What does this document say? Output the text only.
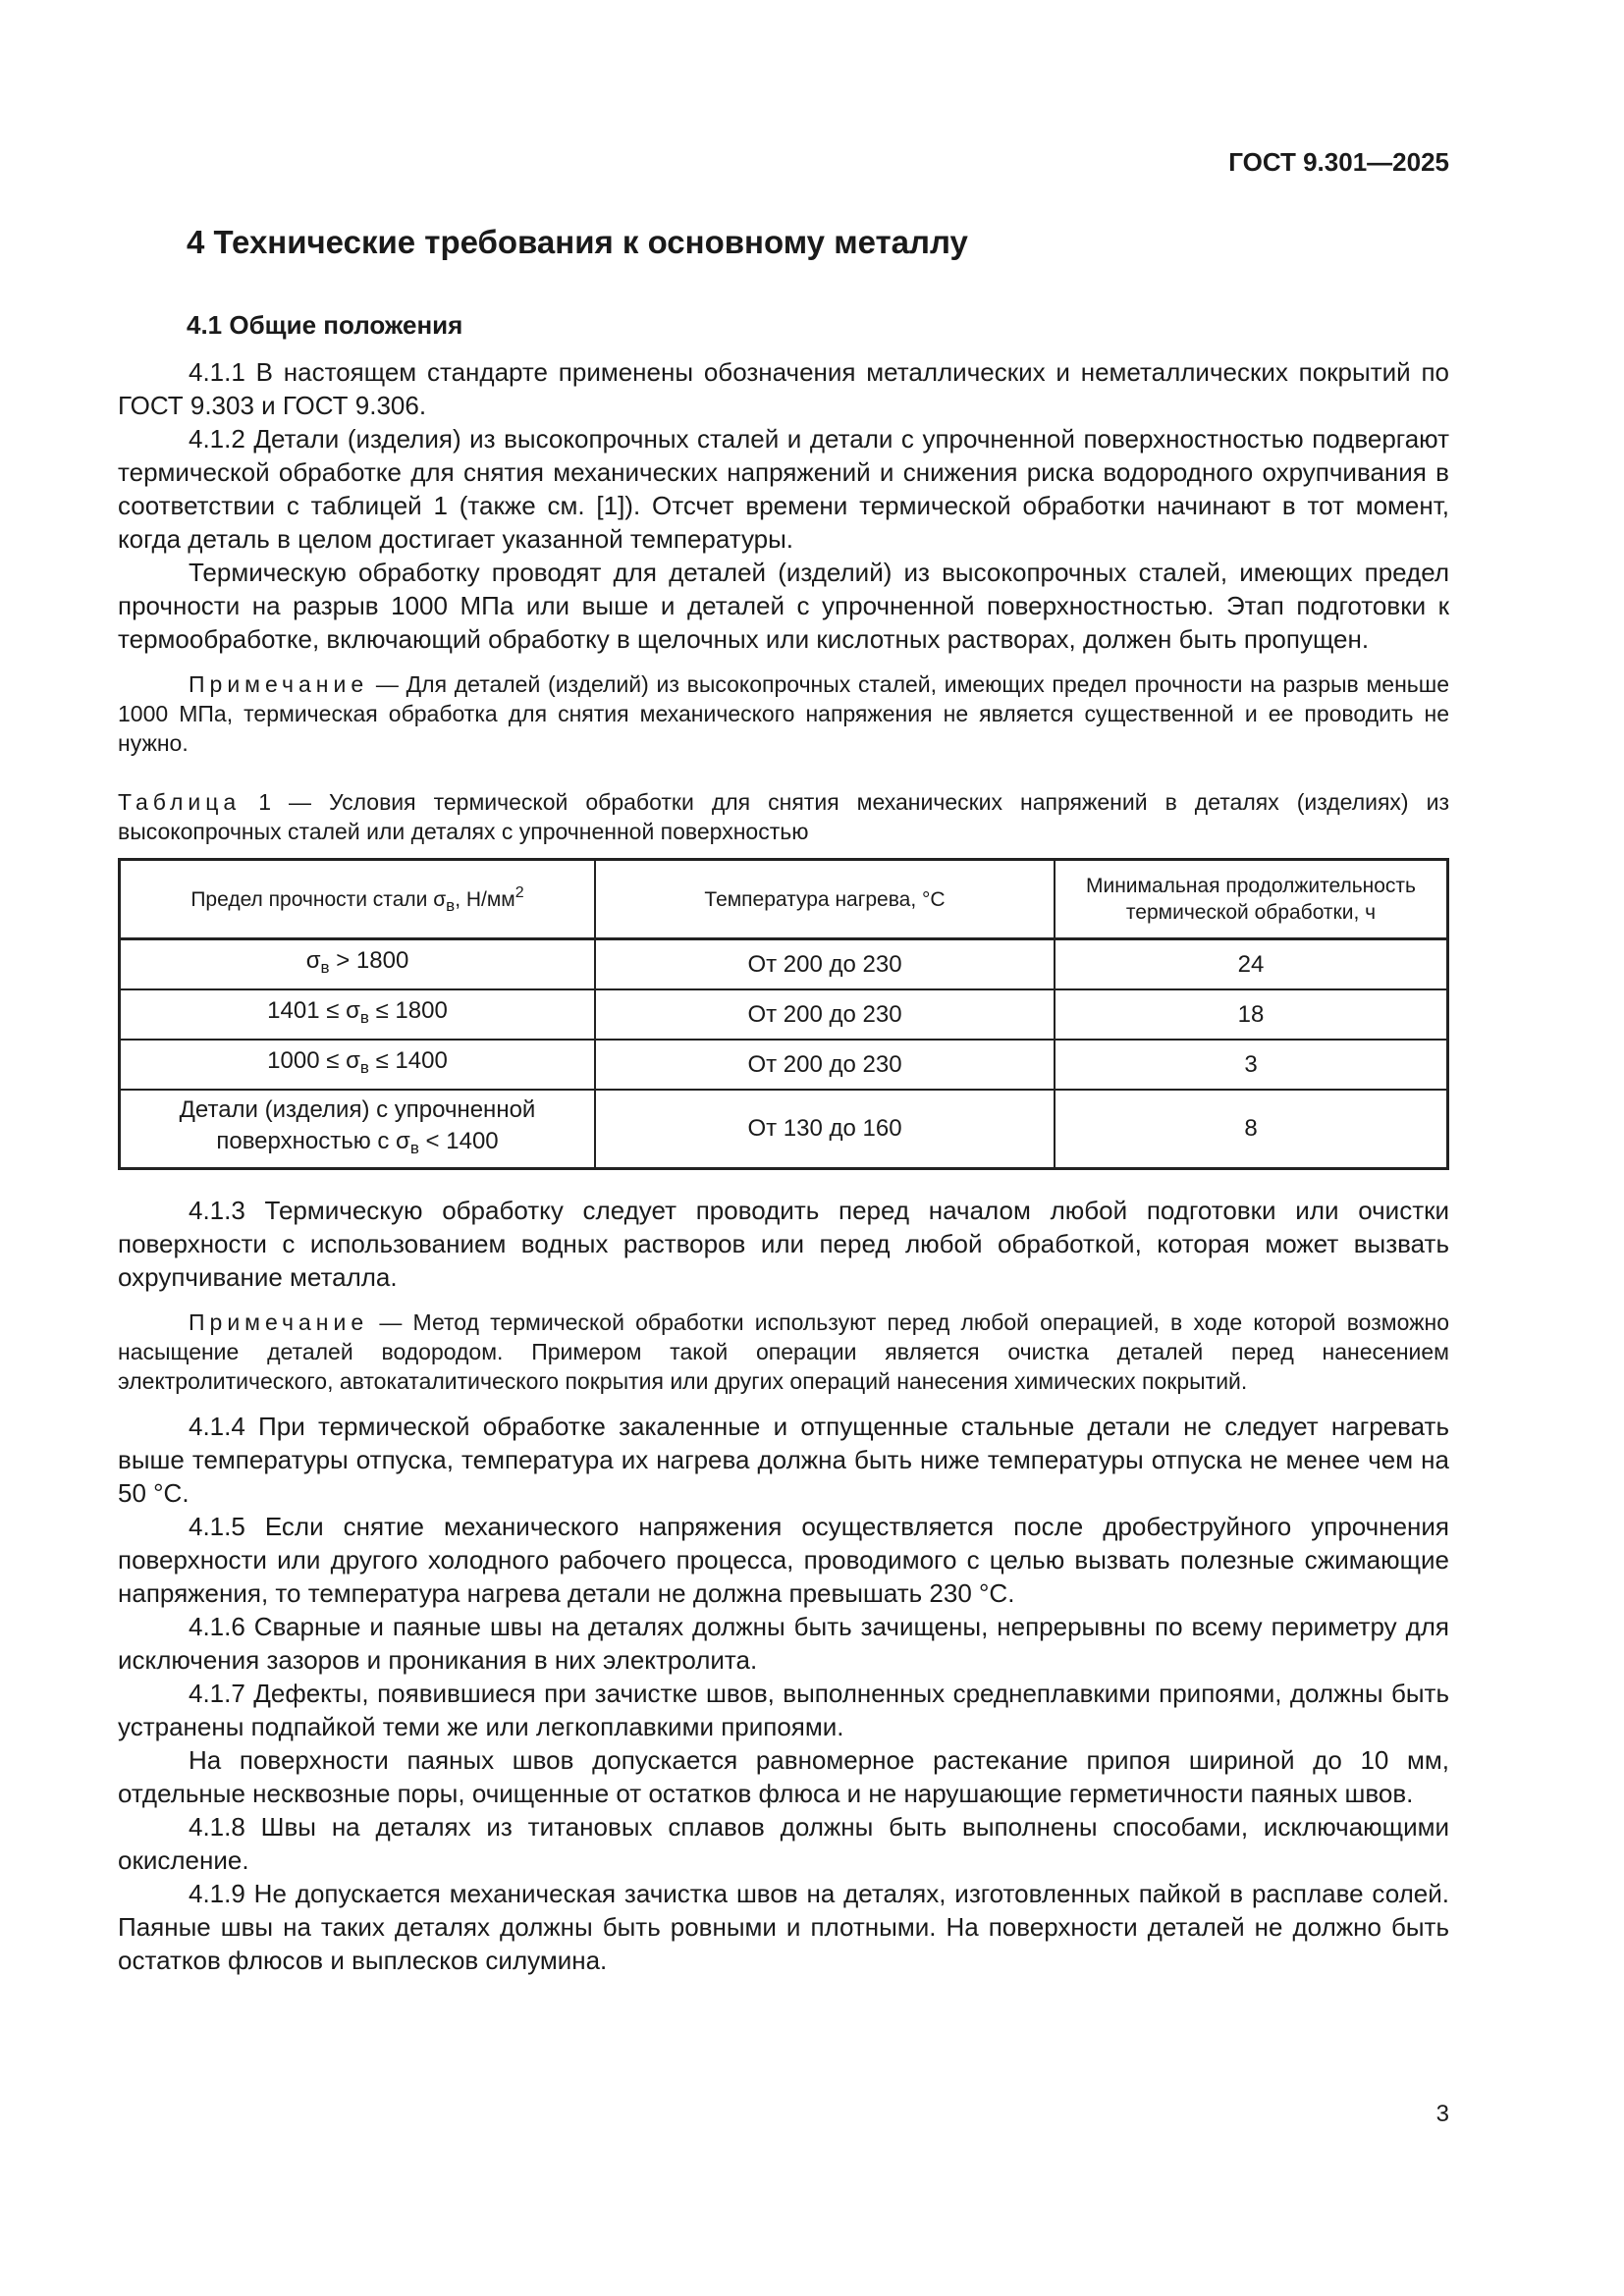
ГОСТ 9.301—2025

4 Технические требования к основному металлу
4.1 Общие положения

4.1.1 В настоящем стандарте применены обозначения металлических и неметаллических покрытий по ГОСТ 9.303 и ГОСТ 9.306.

4.1.2 Детали (изделия) из высокопрочных сталей и детали с упрочненной поверхностностью подвергают термической обработке для снятия механических напряжений и снижения риска водородного охрупчивания в соответствии с таблицей 1 (также см. [1]). Отсчет времени термической обработки начинают в тот момент, когда деталь в целом достигает указанной температуры.

Термическую обработку проводят для деталей (изделий) из высокопрочных сталей, имеющих предел прочности на разрыв 1000 МПа или выше и деталей с упрочненной поверхностностью. Этап подготовки к термообработке, включающий обработку в щелочных или кислотных растворах, должен быть пропущен.

Примечание — Для деталей (изделий) из высокопрочных сталей, имеющих предел прочности на разрыв меньше 1000 МПа, термическая обработка для снятия механического напряжения не является существенной и ее проводить не нужно.

Таблица 1 — Условия термической обработки для снятия механических напряжений в деталях (изделиях) из высокопрочных сталей или деталях с упрочненной поверхностью

Предел прочности стали $\sigma_в$, $Н/мм^2$	Температура нагрева, °С	Минимальная продолжительность термической обработки, ч
$\sigma_в > 1800$	От 200 до 230	24
$1401 \le \sigma_в \le 1800$	От 200 до 230	18
$1000 \le \sigma_в \le 1400$	От 200 до 230	3
Детали (изделия) с упрочненной
поверхностью с $\sigma_в < 1400$	От 130 до 160	8

4.1.3 Термическую обработку следует проводить перед началом любой подготовки или очистки поверхности с использованием водных растворов или перед любой обработкой, которая может вызвать охрупчивание металла.

Примечание — Метод термической обработки используют перед любой операцией, в ходе которой возможно насыщение деталей водородом. Примером такой операции является очистка деталей перед нанесением электролитического, автокаталитического покрытия или других операций нанесения химических покрытий.

4.1.4 При термической обработке закаленные и отпущенные стальные детали не следует нагревать выше температуры отпуска, температура их нагрева должна быть ниже температуры отпуска не менее чем на 50 °С.

4.1.5 Если снятие механического напряжения осуществляется после дробеструйного упрочнения поверхности или другого холодного рабочего процесса, проводимого с целью вызвать полезные сжимающие напряжения, то температура нагрева детали не должна превышать 230 °С.

4.1.6 Сварные и паяные швы на деталях должны быть зачищены, непрерывны по всему периметру для исключения зазоров и проникания в них электролита.

4.1.7 Дефекты, появившиеся при зачистке швов, выполненных среднеплавкими припоями, должны быть устранены подпайкой теми же или легкоплавкими припоями.

На поверхности паяных швов допускается равномерное растекание припоя шириной до 10 мм, отдельные несквозные поры, очищенные от остатков флюса и не нарушающие герметичности паяных швов.

4.1.8 Швы на деталях из титановых сплавов должны быть выполнены способами, исключающими окисление.

4.1.9 Не допускается механическая зачистка швов на деталях, изготовленных пайкой в расплаве солей. Паяные швы на таких деталях должны быть ровными и плотными. На поверхности деталей не должно быть остатков флюсов и выплесков силумина.

3
